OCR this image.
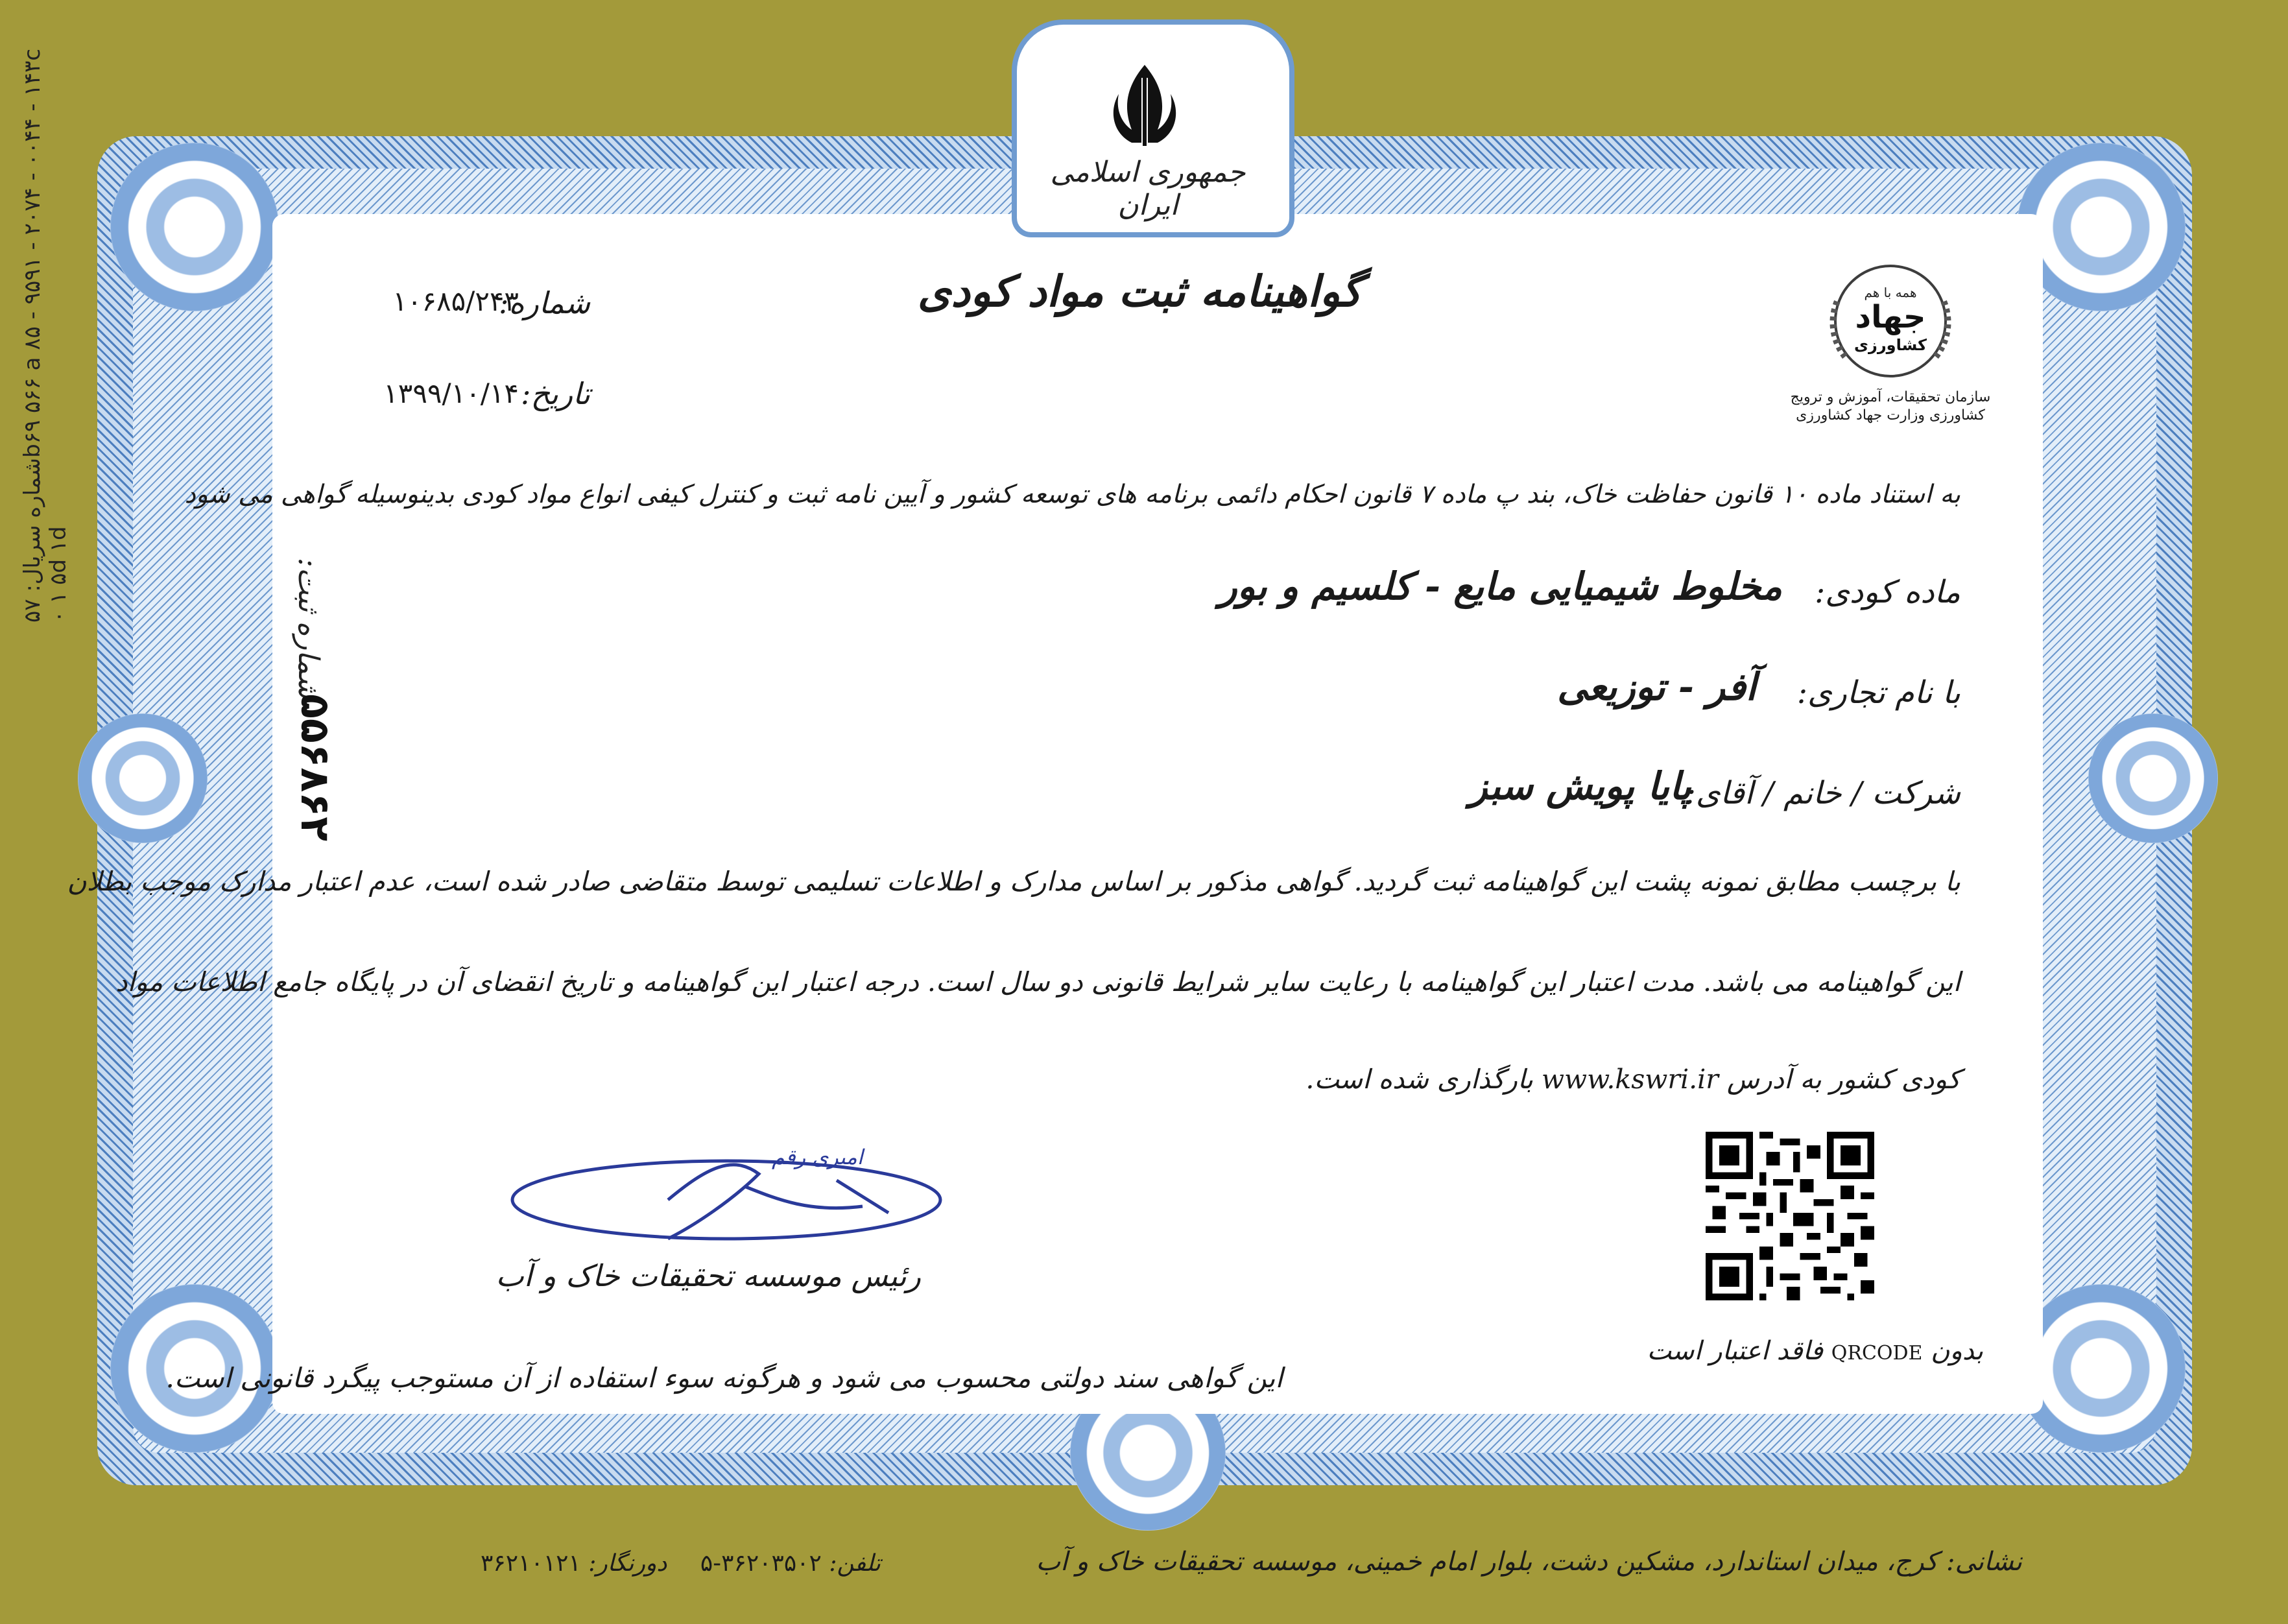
شماره سریال: ۵۷b۶۹ ۵۶۶ a ۸۵ - ۹۵۹۱ - ۲۰۷۴ - ۰۰۴۴ - ۱۴۳c ۰ ۱ ۵d ۱d
جمهوری اسلامی ایران
همه با هم
جهاد
کشاورزی
سازمان تحقیقات، آموزش و ترویج
کشاورزی وزارت جهاد کشاورزی
گواهینامه ثبت مواد کودی
شماره:
۱۰۶۸۵/۲۴۳
تاریخ:
۱۳۹۹/۱۰/۱۴
به استناد ماده ۱۰ قانون حفاظت خاک، بند پ ماده ۷ قانون احکام دائمی برنامه های توسعه کشور و آیین نامه ثبت و کنترل کیفی انواع مواد کودی بدینوسیله گواهی می شود
ماده کودی:
مخلوط شیمیایی مایع - کلسیم و بور
با نام تجاری:
آفر - توزیعی
شرکت / خانم / آقای:
پایا پویش سبز
با برچسب مطابق نمونه پشت این گواهینامه ثبت گردید. گواهی مذکور بر اساس مدارک و اطلاعات تسلیمی توسط متقاضی صادر شده است، عدم اعتبار مدارک موجب بطلان
این گواهینامه می باشد. مدت اعتبار این گواهینامه با رعایت سایر شرایط قانونی دو سال است. درجه اعتبار این گواهینامه و تاریخ انقضای آن در پایگاه جامع اطلاعات مواد
کودی کشور به آدرس www.kswri.ir بارگذاری شده است.
شماره ثبت:
۵۵۶۸۶۲
امیری رقم
رئیس موسسه تحقیقات خاک و آب
این گواهی سند دولتی محسوب می شود و هرگونه سوء استفاده از آن مستوجب پیگرد قانونی است.
بدون QRCODE فاقد اعتبار است
نشانی: کرج، میدان استاندارد، مشکین دشت، بلوار امام خمینی، موسسه تحقیقات خاک و آب
تلفن: ۳۶۲۰۳۵۰۲-۵ دورنگار: ۳۶۲۱۰۱۲۱
